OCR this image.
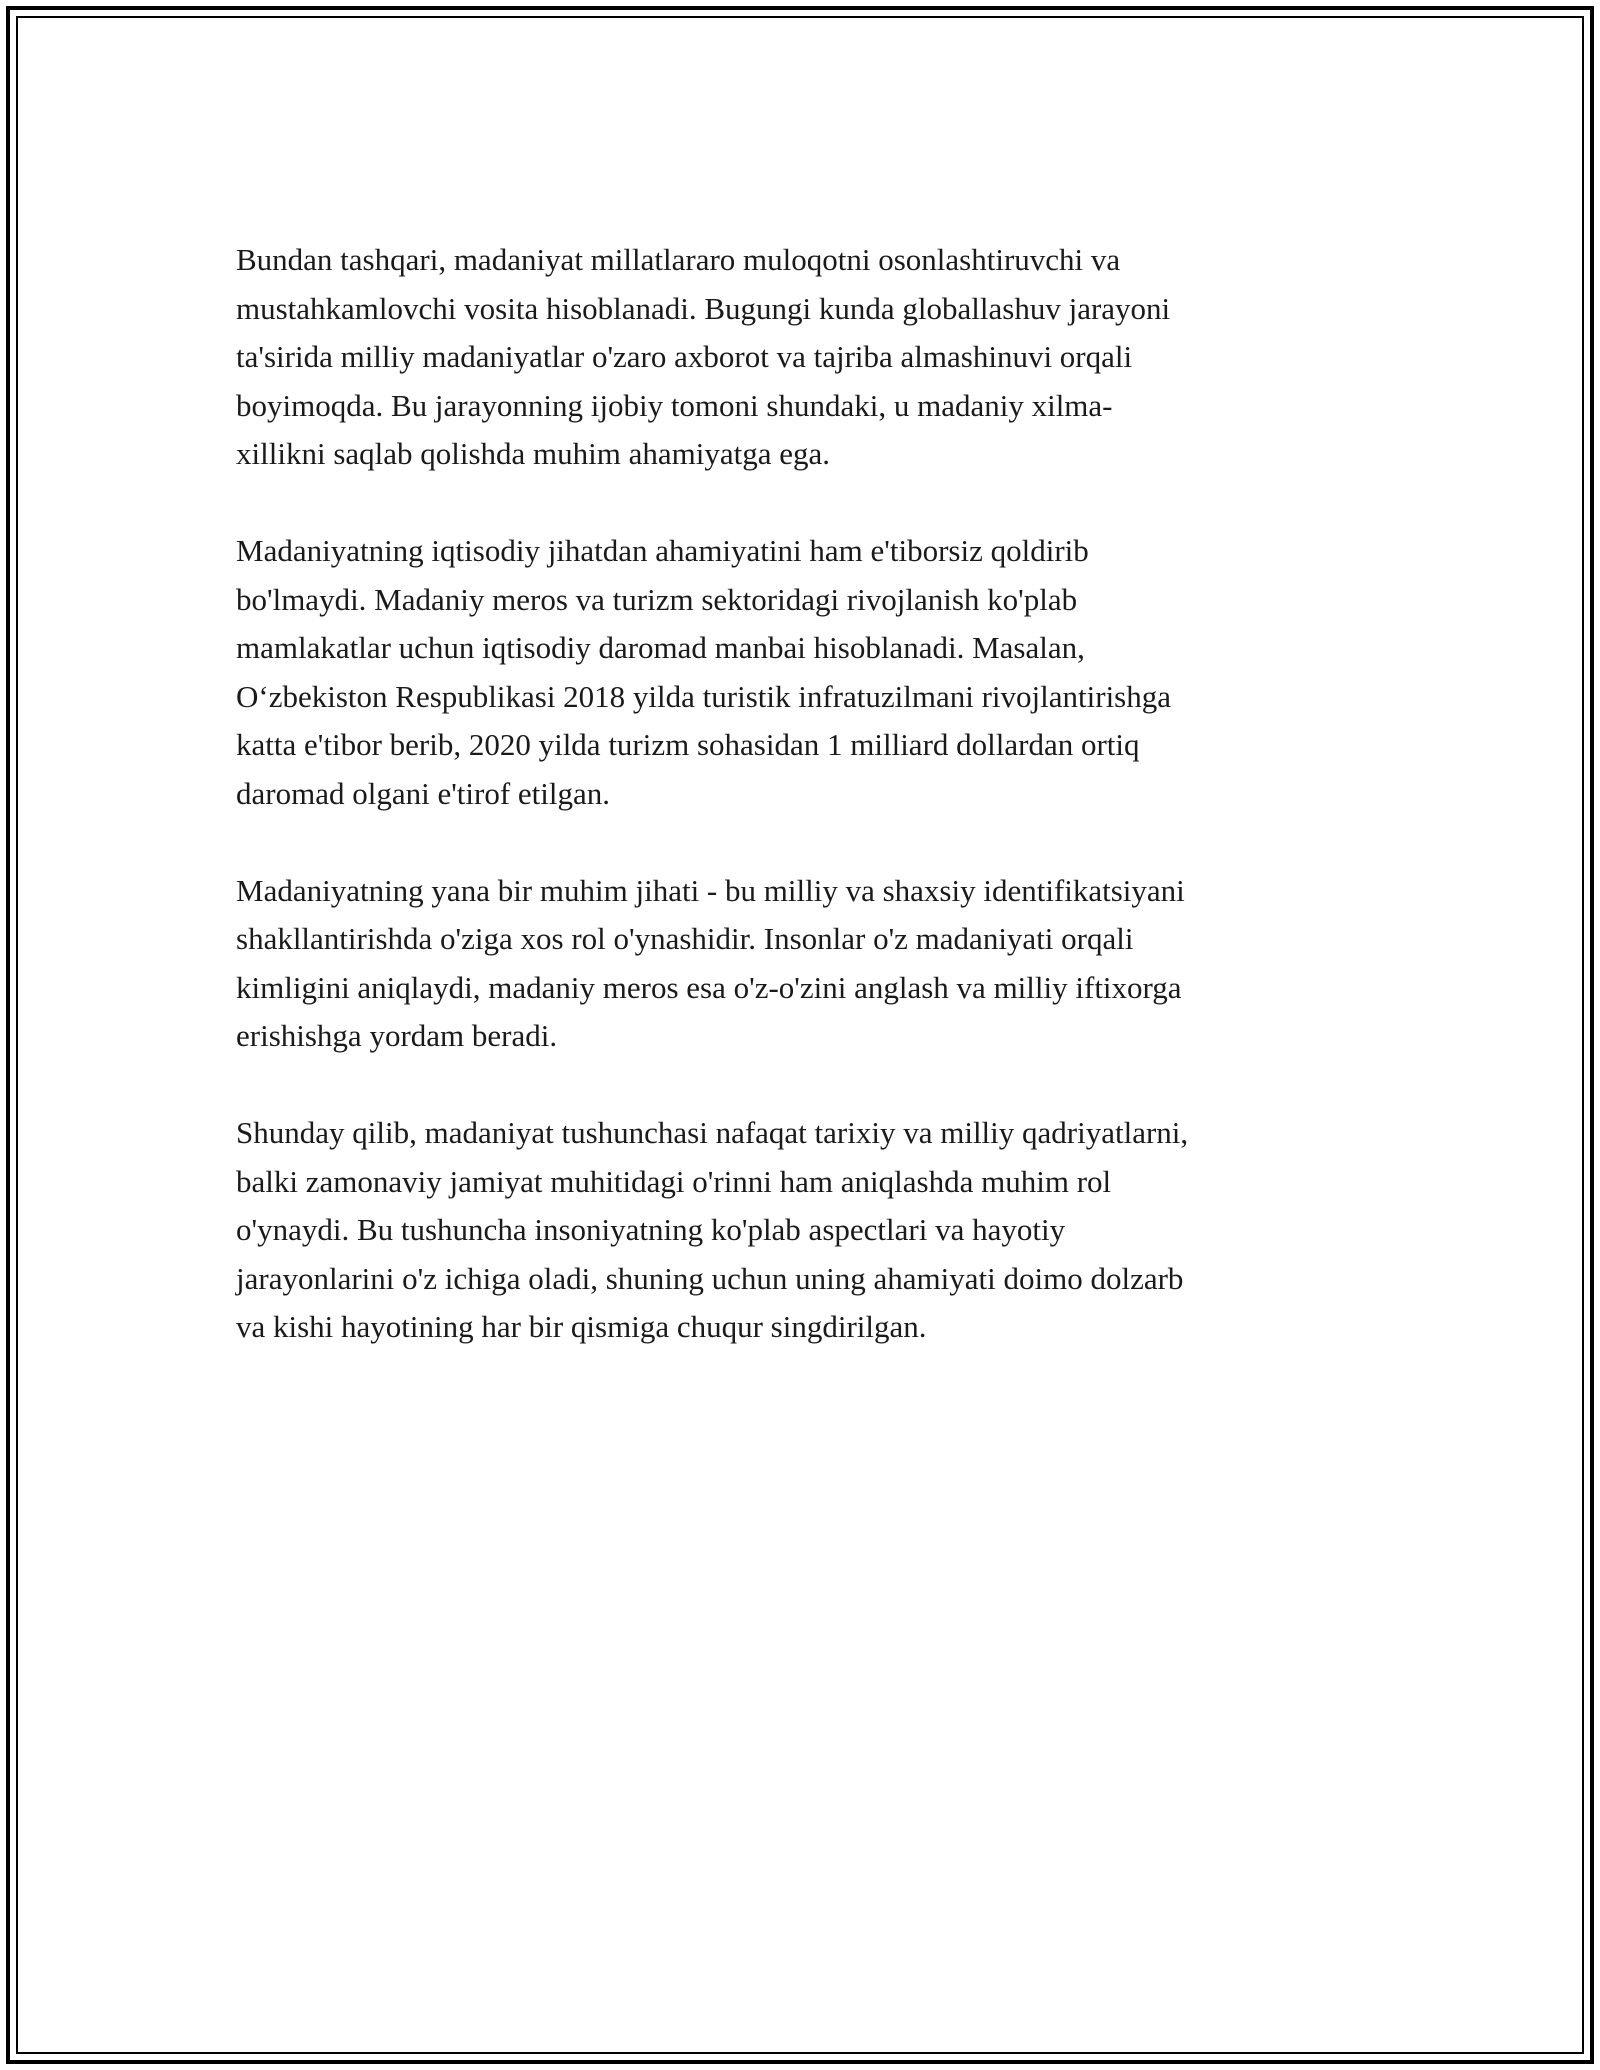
Bundan tashqari, madaniyat millatlararo muloqotni osonlashtiruvchi va
mustahkamlovchi vosita hisoblanadi. Bugungi kunda globallashuv jarayoni
ta'sirida milliy madaniyatlar o'zaro axborot va tajriba almashinuvi orqali
boyimoqda. Bu jarayonning ijobiy tomoni shundaki, u madaniy xilma-
xillikni saqlab qolishda muhim ahamiyatga ega.

Madaniyatning iqtisodiy jihatdan ahamiyatini ham e'tiborsiz qoldirib
bo'lmaydi. Madaniy meros va turizm sektoridagi rivojlanish ko'plab
mamlakatlar uchun iqtisodiy daromad manbai hisoblanadi. Masalan,
O‘zbekiston Respublikasi 2018 yilda turistik infratuzilmani rivojlantirishga
katta e'tibor berib, 2020 yilda turizm sohasidan 1 milliard dollardan ortiq
daromad olgani e'tirof etilgan.

Madaniyatning yana bir muhim jihati - bu milliy va shaxsiy identifikatsiyani
shakllantirishda o'ziga xos rol o'ynashidir. Insonlar o'z madaniyati orqali
kimligini aniqlaydi, madaniy meros esa o'z-o'zini anglash va milliy iftixorga
erishishga yordam beradi.

Shunday qilib, madaniyat tushunchasi nafaqat tarixiy va milliy qadriyatlarni,
balki zamonaviy jamiyat muhitidagi o'rinni ham aniqlashda muhim rol
o'ynaydi. Bu tushuncha insoniyatning ko'plab aspectlari va hayotiy
jarayonlarini o'z ichiga oladi, shuning uchun uning ahamiyati doimo dolzarb
va kishi hayotining har bir qismiga chuqur singdirilgan.
